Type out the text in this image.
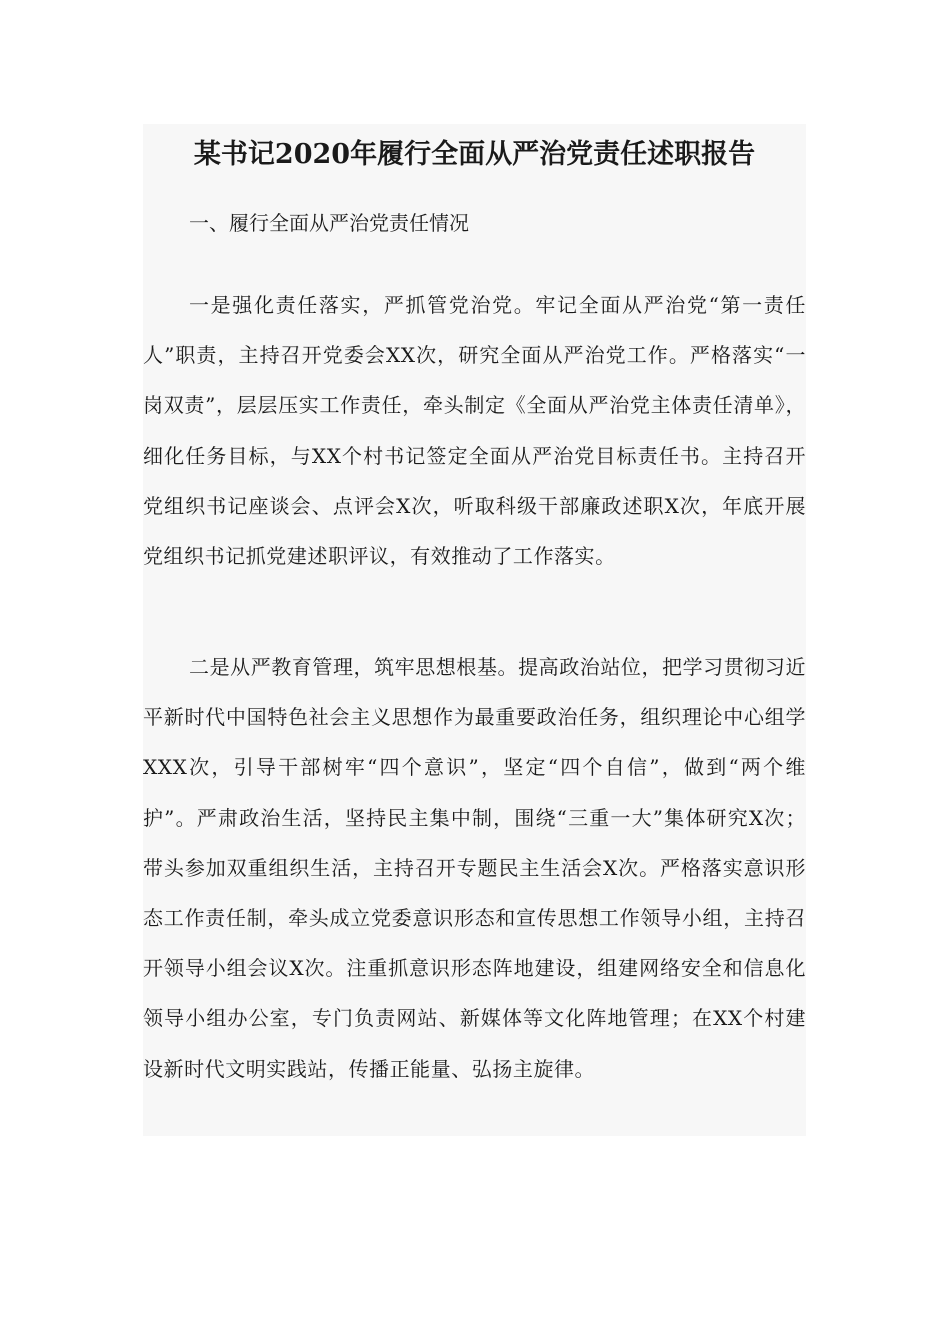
某书记2020年履行全面从严治党责任述职报告

一、履行全面从严治党责任情况

一是强化责任落实，严抓管党治党。牢记全面从严治党“第一责任人”职责，主持召开党委会XX次，研究全面从严治党工作。严格落实“一岗双责”，层层压实工作责任，牵头制定《全面从严治党主体责任清单》，细化任务目标，与XX个村书记签定全面从严治党目标责任书。主持召开党组织书记座谈会、点评会X次，听取科级干部廉政述职X次，年底开展党组织书记抓党建述职评议，有效推动了工作落实。

二是从严教育管理，筑牢思想根基。提高政治站位，把学习贯彻习近平新时代中国特色社会主义思想作为最重要政治任务，组织理论中心组学XXX次，引导干部树牢“四个意识”，坚定“四个自信”，做到“两个维护”。严肃政治生活，坚持民主集中制，围绕“三重一大”集体研究X次；带头参加双重组织生活，主持召开专题民主生活会X次。严格落实意识形态工作责任制，牵头成立党委意识形态和宣传思想工作领导小组，主持召开领导小组会议X次。注重抓意识形态阵地建设，组建网络安全和信息化领导小组办公室，专门负责网站、新媒体等文化阵地管理；在XX个村建设新时代文明实践站，传播正能量、弘扬主旋律。
